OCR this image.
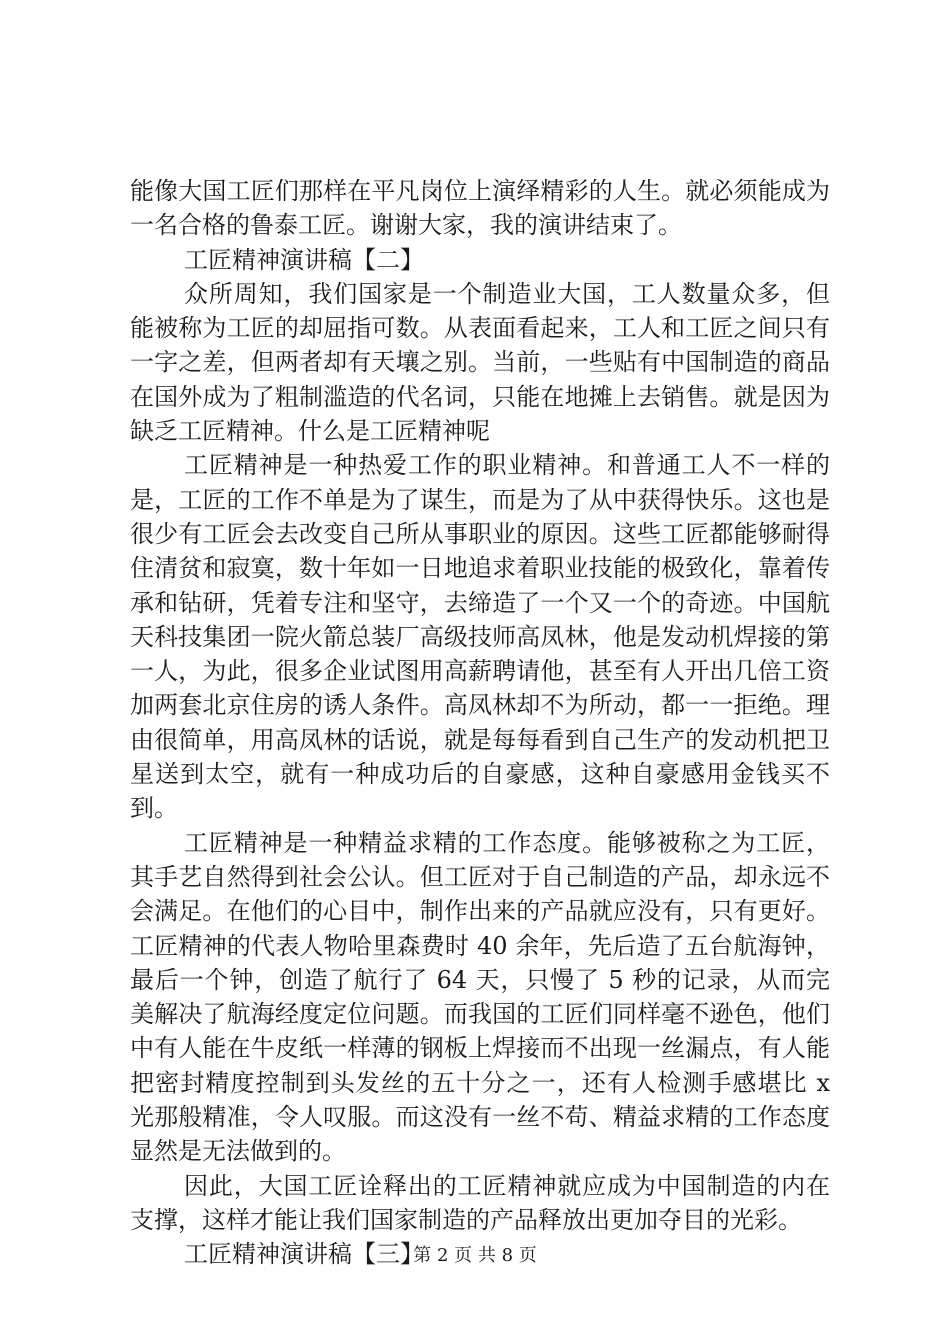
能像大国工匠们那样在平凡岗位上演绎精彩的人生。就必须能成为一名合格的鲁泰工匠。谢谢大家，我的演讲结束了。

工匠精神演讲稿【二】

众所周知，我们国家是一个制造业大国，工人数量众多，但能被称为工匠的却屈指可数。从表面看起来，工人和工匠之间只有一字之差，但两者却有天壤之别。当前，一些贴有中国制造的商品在国外成为了粗制滥造的代名词，只能在地摊上去销售。就是因为缺乏工匠精神。什么是工匠精神呢

工匠精神是一种热爱工作的职业精神。和普通工人不一样的是，工匠的工作不单是为了谋生，而是为了从中获得快乐。这也是很少有工匠会去改变自己所从事职业的原因。这些工匠都能够耐得住清贫和寂寞，数十年如一日地追求着职业技能的极致化，靠着传承和钻研，凭着专注和坚守，去缔造了一个又一个的奇迹。中国航天科技集团一院火箭总装厂高级技师高凤林，他是发动机焊接的第一人，为此，很多企业试图用高薪聘请他，甚至有人开出几倍工资加两套北京住房的诱人条件。高凤林却不为所动，都一一拒绝。理由很简单，用高凤林的话说，就是每每看到自己生产的发动机把卫星送到太空，就有一种成功后的自豪感，这种自豪感用金钱买不到。

工匠精神是一种精益求精的工作态度。能够被称之为工匠，其手艺自然得到社会公认。但工匠对于自己制造的产品，却永远不会满足。在他们的心目中，制作出来的产品就应没有，只有更好。工匠精神的代表人物哈里森费时 40 余年，先后造了五台航海钟，最后一个钟，创造了航行了 64 天，只慢了 5 秒的记录，从而完美解决了航海经度定位问题。而我国的工匠们同样毫不逊色，他们中有人能在牛皮纸一样薄的钢板上焊接而不出现一丝漏点，有人能把密封精度控制到头发丝的五十分之一，还有人检测手感堪比 x 光那般精准，令人叹服。而这没有一丝不苟、精益求精的工作态度显然是无法做到的。

因此，大国工匠诠释出的工匠精神就应成为中国制造的内在支撑，这样才能让我们国家制造的产品释放出更加夺目的光彩。

工匠精神演讲稿【三】

第 2 页 共 8 页
